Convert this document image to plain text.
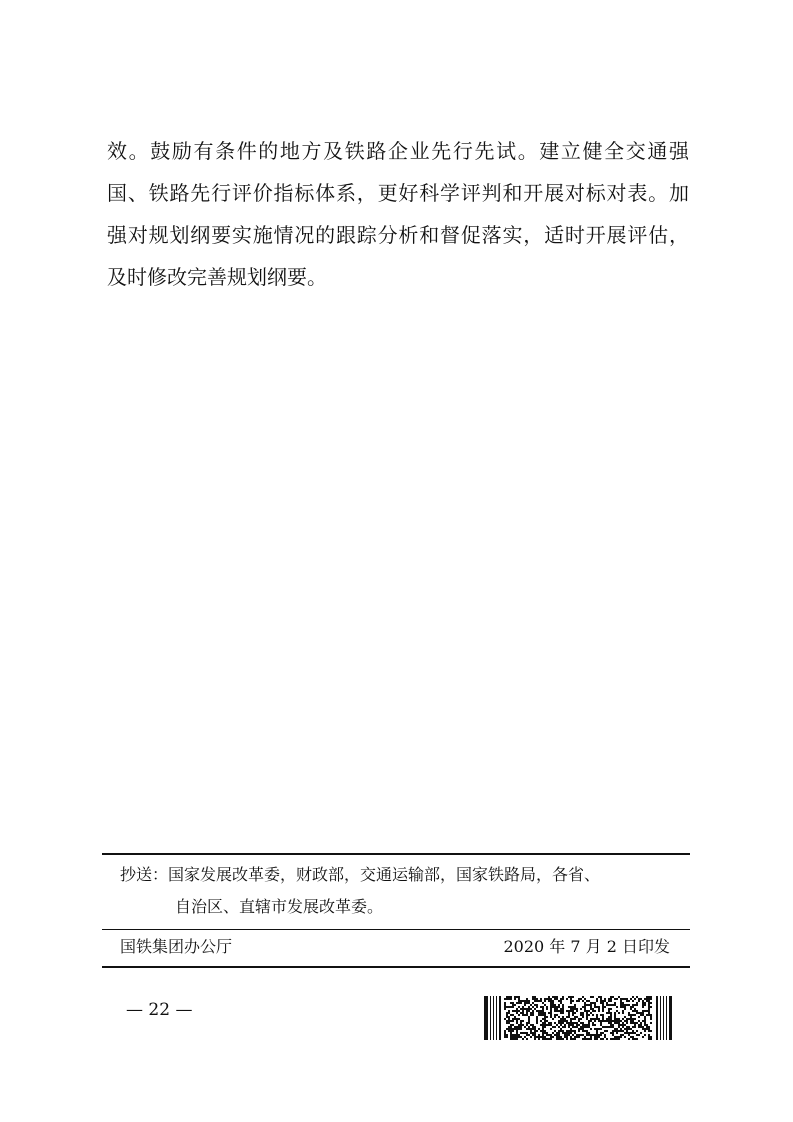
效。鼓励有条件的地方及铁路企业先行先试。建立健全交通强
国、铁路先行评价指标体系，更好科学评判和开展对标对表。加
强对规划纲要实施情况的跟踪分析和督促落实，适时开展评估，
及时修改完善规划纲要。
抄送：国家发展改革委，财政部，交通运输部，国家铁路局，各省、
自治区、直辖市发展改革委。
国铁集团办公厅	2020 年 7 月 2 日印发
— 22 —
